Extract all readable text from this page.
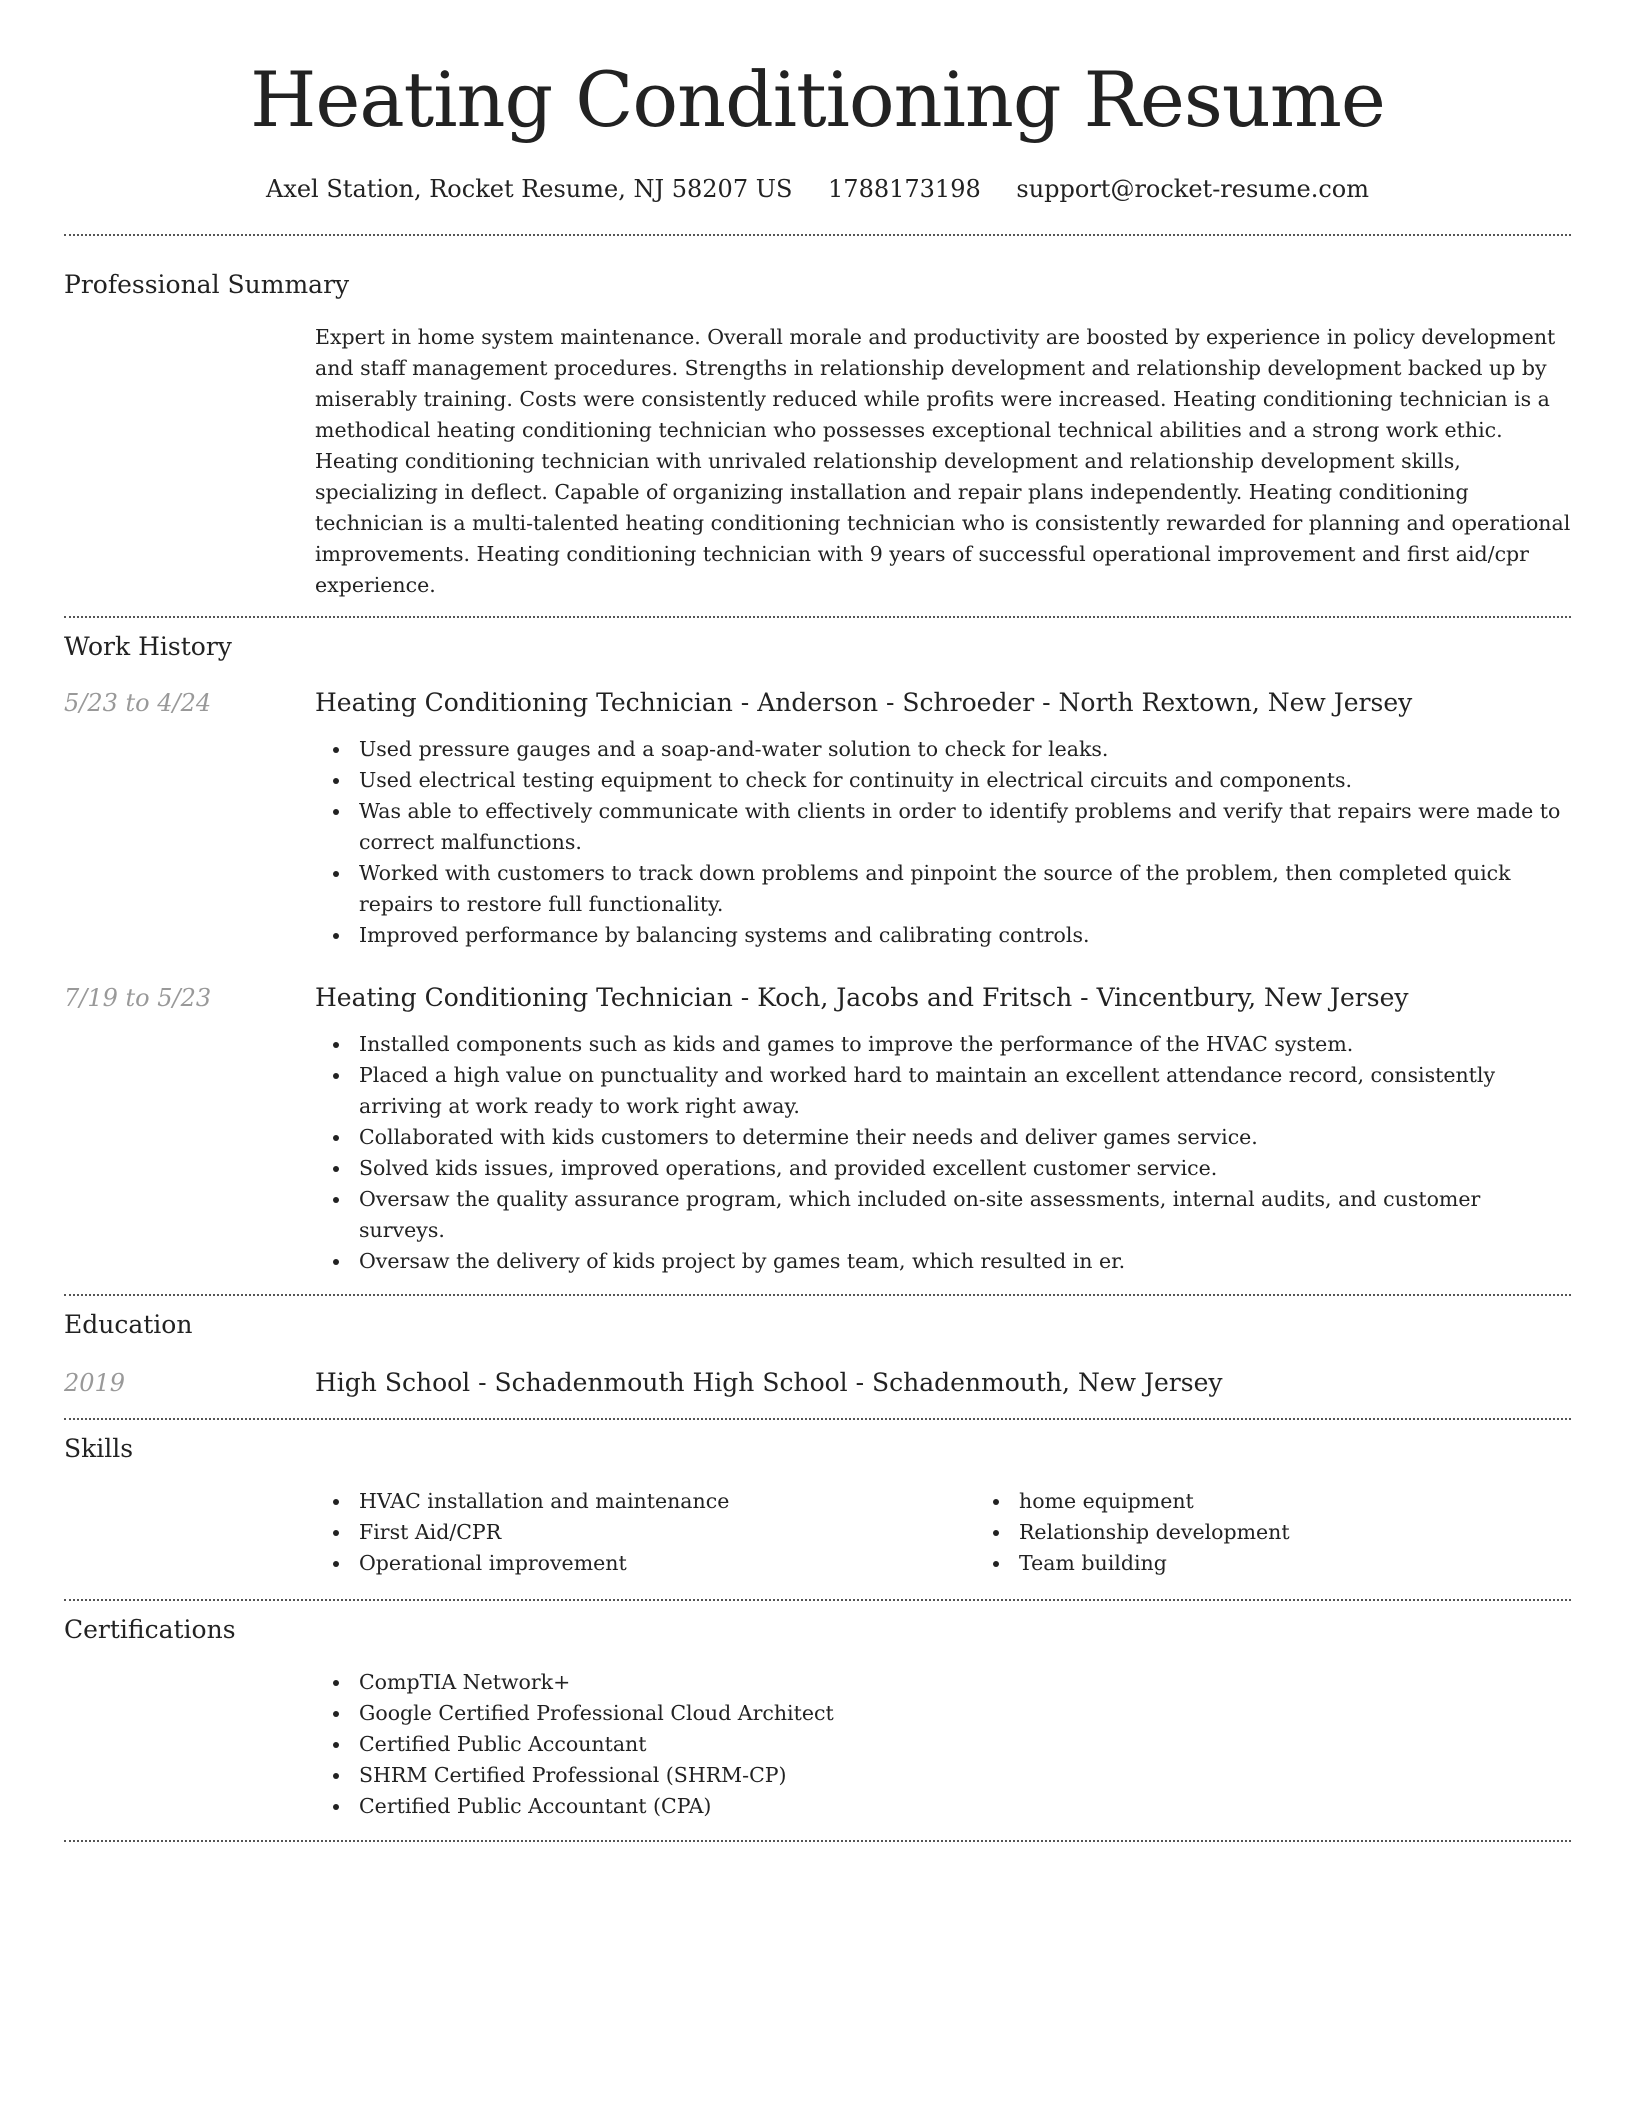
Heating Conditioning Resume
Axel Station, Rocket Resume, NJ 58207 US 1788173198 support@rocket-resume.com
Professional Summary

Expert in home system maintenance. Overall morale and productivity are boosted by experience in policy development and staff management procedures. Strengths in relationship development and relationship development backed up by miserably training. Costs were consistently reduced while profits were increased. Heating conditioning technician is a methodical heating conditioning technician who possesses exceptional technical abilities and a strong work ethic. Heating conditioning technician with unrivaled relationship development and relationship development skills, specializing in deflect. Capable of organizing installation and repair plans independently. Heating conditioning technician is a multi-talented heating conditioning technician who is consistently rewarded for planning and operational improvements. Heating conditioning technician with 9 years of successful operational improvement and first aid/cpr experience.

Work History
5/23 to 4/24	Heating Conditioning Technician - Anderson - Schroeder - North Rextown, New Jersey
Used pressure gauges and a soap-and-water solution to check for leaks.
Used electrical testing equipment to check for continuity in electrical circuits and components.
Was able to effectively communicate with clients in order to identify problems and verify that repairs were made to correct malfunctions.
Worked with customers to track down problems and pinpoint the source of the problem, then completed quick repairs to restore full functionality.
Improved performance by balancing systems and calibrating controls.
7/19 to 5/23	Heating Conditioning Technician - Koch, Jacobs and Fritsch - Vincentbury, New Jersey
Installed components such as kids and games to improve the performance of the HVAC system.
Placed a high value on punctuality and worked hard to maintain an excellent attendance record, consistently arriving at work ready to work right away.
Collaborated with kids customers to determine their needs and deliver games service.
Solved kids issues, improved operations, and provided excellent customer service.
Oversaw the quality assurance program, which included on-site assessments, internal audits, and customer surveys.
Oversaw the delivery of kids project by games team, which resulted in er.
Education
2019	High School - Schadenmouth High School - Schadenmouth, New Jersey
Skills
HVAC installation and maintenance
First Aid/CPR
Operational improvement
home equipment
Relationship development
Team building
Certifications
CompTIA Network+
Google Certified Professional Cloud Architect
Certified Public Accountant
SHRM Certified Professional (SHRM-CP)
Certified Public Accountant (CPA)
